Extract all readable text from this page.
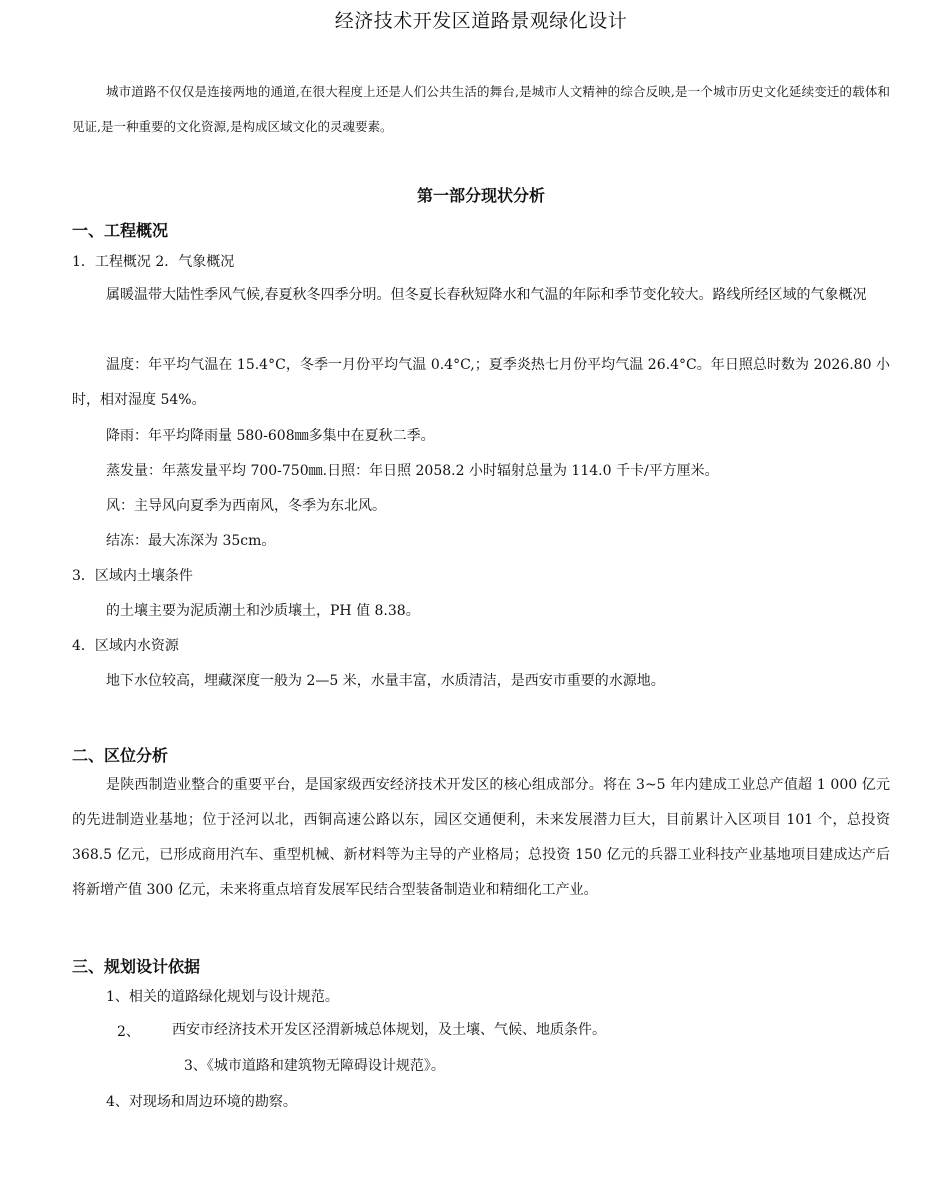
经济技术开发区道路景观绿化设计
城市道路不仅仅是连接两地的通道,在很大程度上还是人们公共生活的舞台,是城市人文精神的综合反映,是一个城市历史文化延续变迁的载体和见证,是一种重要的文化资源,是构成区域文化的灵魂要素。
第一部分现状分析
一、工程概况
1．工程概况 2．气象概况
属暖温带大陆性季风气候,春夏秋冬四季分明。但冬夏长春秋短降水和气温的年际和季节变化较大。路线所经区域的气象概况
温度：年平均气温在 15.4°C，冬季一月份平均气温 0.4°C,；夏季炎热七月份平均气温 26.4°C。年日照总时数为 2026.80 小时，相对湿度 54%。
降雨：年平均降雨量 580-608㎜多集中在夏秋二季。
蒸发量：年蒸发量平均 700-750㎜.日照：年日照 2058.2 小时辐射总量为 114.0 千卡/平方厘米。
风：主导风向夏季为西南风，冬季为东北风。
结冻：最大冻深为 35cm。
3．区域内土壤条件
的土壤主要为泥质潮土和沙质壤土，PH 值 8.38。
4．区域内水资源
地下水位较高，埋藏深度一般为 2—5 米，水量丰富，水质清洁，是西安市重要的水源地。
二、区位分析
是陕西制造业整合的重要平台，是国家级西安经济技术开发区的核心组成部分。将在 3~5 年内建成工业总产值超 1 000 亿元的先进制造业基地；位于泾河以北，西铜高速公路以东，园区交通便利，未来发展潜力巨大，目前累计入区项目 101 个，总投资 368.5 亿元，已形成商用汽车、重型机械、新材料等为主导的产业格局；总投资 150 亿元的兵器工业科技产业基地项目建成达产后将新增产值 300 亿元，未来将重点培育发展军民结合型装备制造业和精细化工产业。
三、规划设计依据
1、相关的道路绿化规划与设计规范。
2、 西安市经济技术开发区泾渭新城总体规划，及土壤、气候、地质条件。
3、《城市道路和建筑物无障碍设计规范》。
4、对现场和周边环境的勘察。
